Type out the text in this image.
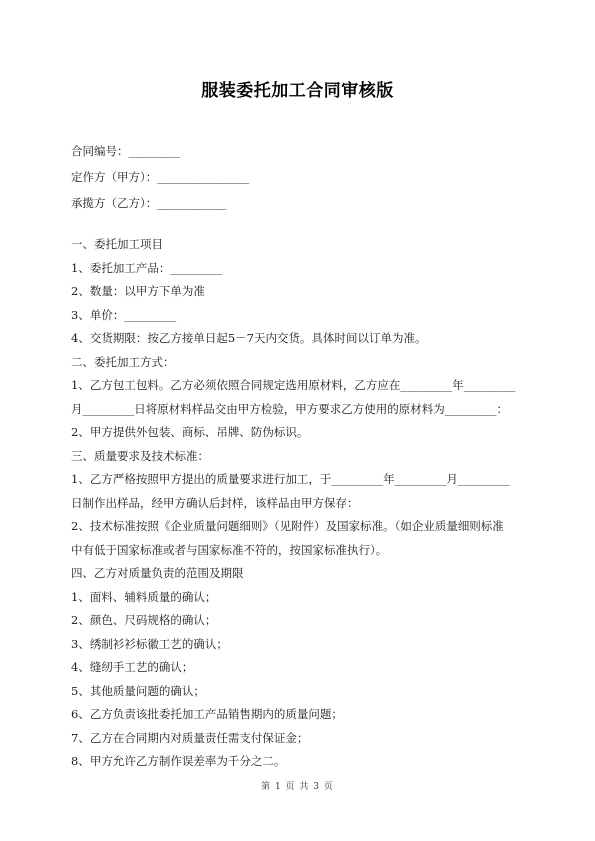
服装委托加工合同审核版
合同编号：_________
定作方（甲方）：________________
承揽方（乙方）：____________
一、委托加工项目
1、委托加工产品：_________
2、数量：以甲方下单为准
3、单价：_________
4、交货期限：按乙方接单日起5－7天内交货。具体时间以订单为准。
二、委托加工方式：
1、乙方包工包料。乙方必须依照合同规定选用原材料，乙方应在_________年_________
月_________日将原材料样品交由甲方检验，甲方要求乙方使用的原材料为_________：
2、甲方提供外包装、商标、吊牌、防伪标识。
三、质量要求及技术标准：
1、乙方严格按照甲方提出的质量要求进行加工，于_________年_________月_________
日制作出样品，经甲方确认后封样，该样品由甲方保存：
2、技术标准按照《企业质量问题细则》（见附件）及国家标准。（如企业质量细则标准
中有低于国家标准或者与国家标准不符的，按国家标准执行）。
四、乙方对质量负责的范围及期限
1、面料、辅料质量的确认；
2、颜色、尺码规格的确认；
3、绣制衫衫标徽工艺的确认；
4、缝纫手工艺的确认；
5、其他质量问题的确认；
6、乙方负责该批委托加工产品销售期内的质量问题；
7、乙方在合同期内对质量责任需支付保证金；
8、甲方允许乙方制作误差率为千分之二。
第 1 页 共 3 页
